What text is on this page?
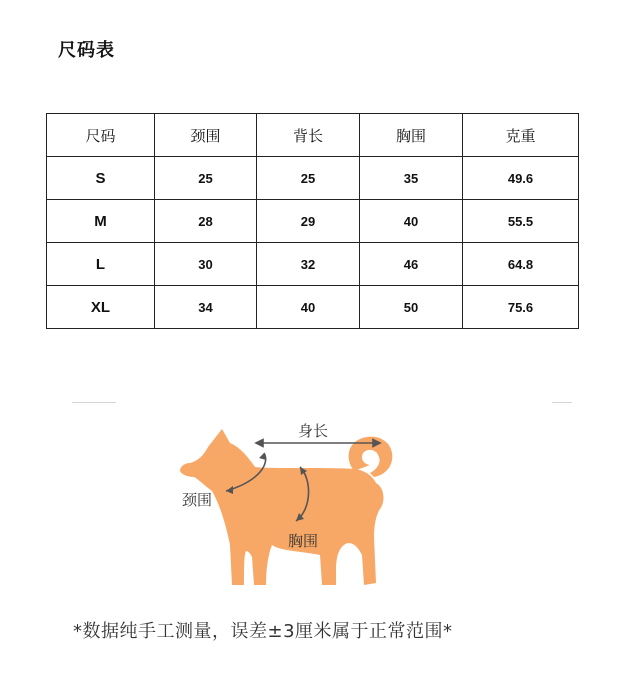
尺码表
尺码	颈围	背长	胸围	克重
S	25	25	35	49.6
M	28	29	40	55.5
L	30	32	46	64.8
XL	34	40	50	75.6
身长
颈围
胸围
*数据纯手工测量，误差±3厘米属于正常范围*
